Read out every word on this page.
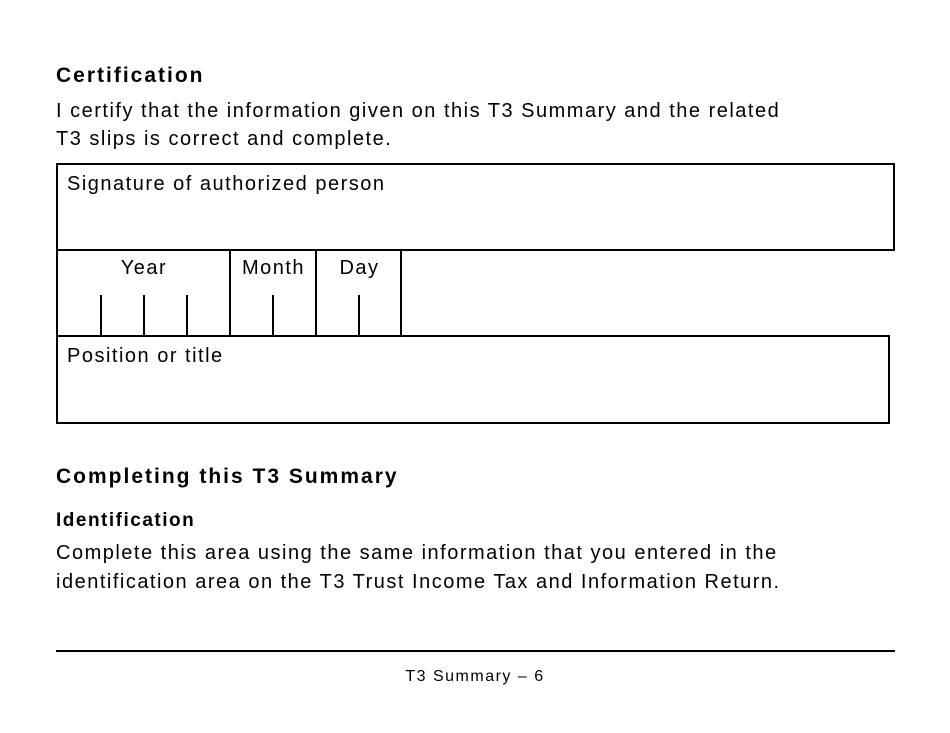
Certification

I certify that the information given on this T3 Summary and the related
T3 slips is correct and complete.

Signature of authorized person
Year	Month	Day
Position or title
Completing this T3 Summary
Identification

Complete this area using the same information that you entered in the
identification area on the T3 Trust Income Tax and Information Return.

T3 Summary – 6
